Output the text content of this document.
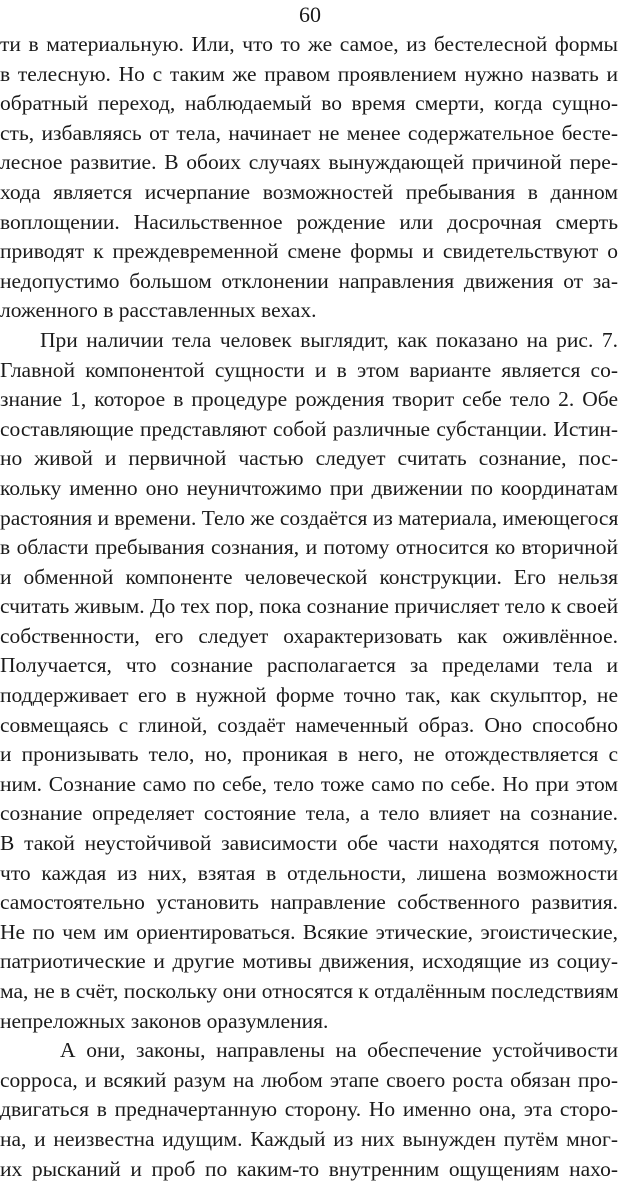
60
ти в материальную. Или, что то же самое, из бестелесной формы
в телесную. Но с таким же правом проявлением нужно назвать и
обратный переход, наблюдаемый во время смерти, когда сущно-
сть, избавляясь от тела, начинает не менее содержательное бесте-
лесное развитие. В обоих случаях вынуждающей причиной пере-
хода является исчерпание возможностей пребывания в данном
воплощении. Насильственное рождение или досрочная смерть
приводят к преждевременной смене формы и свидетельствуют о
недопустимо большом отклонении направления движения от за-
ложенного в расставленных вехах.
При наличии тела человек выглядит, как показано на рис. 7.
Главной компонентой сущности и в этом варианте является со-
знание 1, которое в процедуре рождения творит себе тело 2. Обе
составляющие представляют собой различные субстанции. Истин-
но живой и первичной частью следует считать сознание, пос-
кольку именно оно неуничтожимо при движении по координатам
растояния и времени. Тело же создаётся из материала, имеющегося
в области пребывания сознания, и потому относится ко вторичной
и обменной компоненте человеческой конструкции. Его нельзя
считать живым. До тех пор, пока сознание причисляет тело к своей
собственности, его следует охарактеризовать как оживлённое.
Получается, что сознание располагается за пределами тела и
поддерживает его в нужной форме точно так, как скульптор, не
совмещаясь с глиной, создаёт намеченный образ. Оно способно
и пронизывать тело, но, проникая в него, не отождествляется с
ним. Сознание само по себе, тело тоже само по себе. Но при этом
сознание определяет состояние тела, а тело влияет на сознание.
В такой неустойчивой зависимости обе части находятся потому,
что каждая из них, взятая в отдельности, лишена возможности
самостоятельно установить направление собственного развития.
Не по чем им ориентироваться. Всякие этические, эгоистические,
патриотические и другие мотивы движения, исходящие из социу-
ма, не в счёт, поскольку они относятся к отдалённым последствиям
непреложных законов оразумления.
А они, законы, направлены на обеспечение устойчивости
сорроса, и всякий разум на любом этапе своего роста обязан про-
двигаться в предначертанную сторону. Но именно она, эта сторо-
на, и неизвестна идущим. Каждый из них вынужден путём мног-
их рысканий и проб по каким-то внутренним ощущениям нахо-
